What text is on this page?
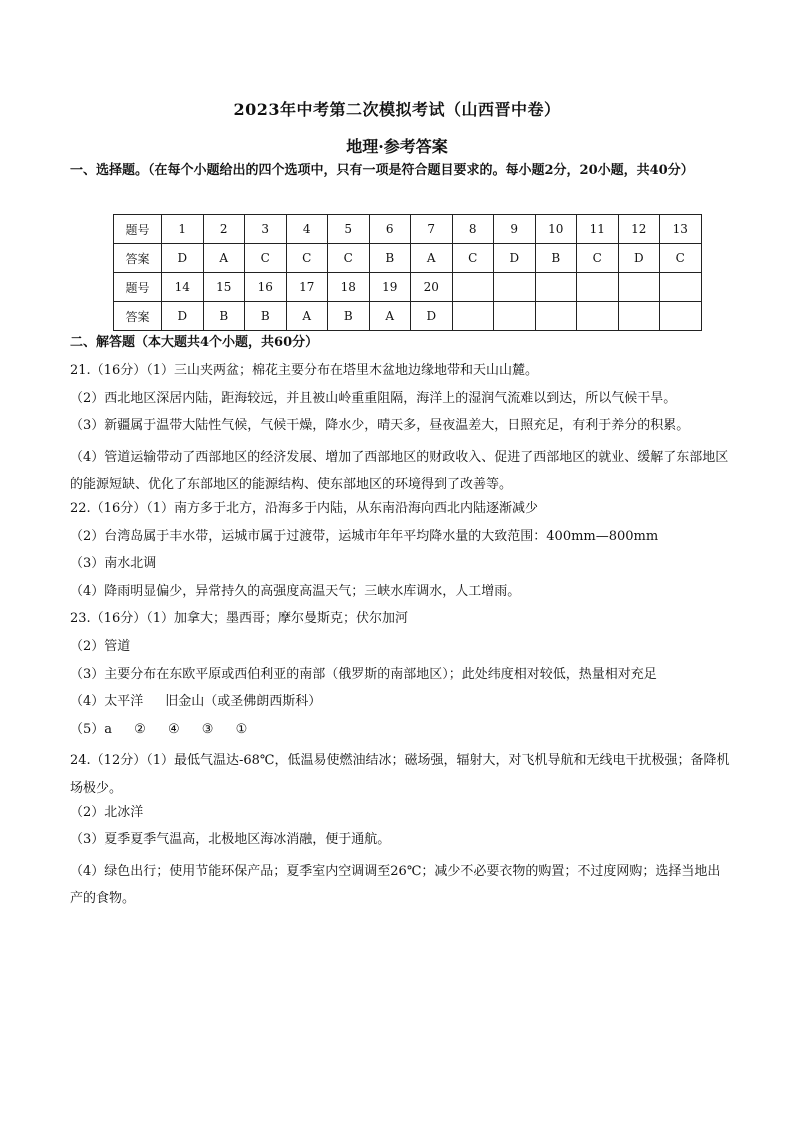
2023年中考第二次模拟考试（山西晋中卷）
地理·参考答案
一、选择题。（在每个小题给出的四个选项中，只有一项是符合题目要求的。每小题2分，20小题，共40分）
题号	1	2	3	4	5	6	7	8	9	10	11	12	13
答案	D	A	C	C	C	B	A	C	D	B	C	D	C
题号	14	15	16	17	18	19	20						
答案	D	B	B	A	B	A	D						
二、解答题（本大题共4个小题，共60分）
21.（16分）（1）三山夹两盆；棉花主要分布在塔里木盆地边缘地带和天山山麓。
（2）西北地区深居内陆，距海较远，并且被山岭重重阻隔，海洋上的湿润气流难以到达，所以气候干旱。
（3）新疆属于温带大陆性气候，气候干燥，降水少，晴天多，昼夜温差大，日照充足，有利于养分的积累。
（4）管道运输带动了西部地区的经济发展、增加了西部地区的财政收入、促进了西部地区的就业、缓解了东部地区的能源短缺、优化了东部地区的能源结构、使东部地区的环境得到了改善等。
22.（16分）（1）南方多于北方，沿海多于内陆，从东南沿海向西北内陆逐渐减少
（2）台湾岛属于丰水带，运城市属于过渡带，运城市年年平均降水量的大致范围：400mm—800mm
（3）南水北调
（4）降雨明显偏少，异常持久的高强度高温天气；三峡水库调水，人工增雨。
23.（16分）（1）加拿大；墨西哥；摩尔曼斯克；伏尔加河
（2）管道
（3）主要分布在东欧平原或西伯利亚的南部（俄罗斯的南部地区）；此处纬度相对较低，热量相对充足
（4）太平洋 旧金山（或圣佛朗西斯科）
（5）a ② ④ ③ ①
24.（12分）（1）最低气温达-68℃，低温易使燃油结冰；磁场强，辐射大，对飞机导航和无线电干扰极强；备降机场极少。
（2）北冰洋
（3）夏季夏季气温高，北极地区海冰消融，便于通航。
（4）绿色出行；使用节能环保产品；夏季室内空调调至26℃；减少不必要衣物的购置；不过度网购；选择当地出产的食物。
